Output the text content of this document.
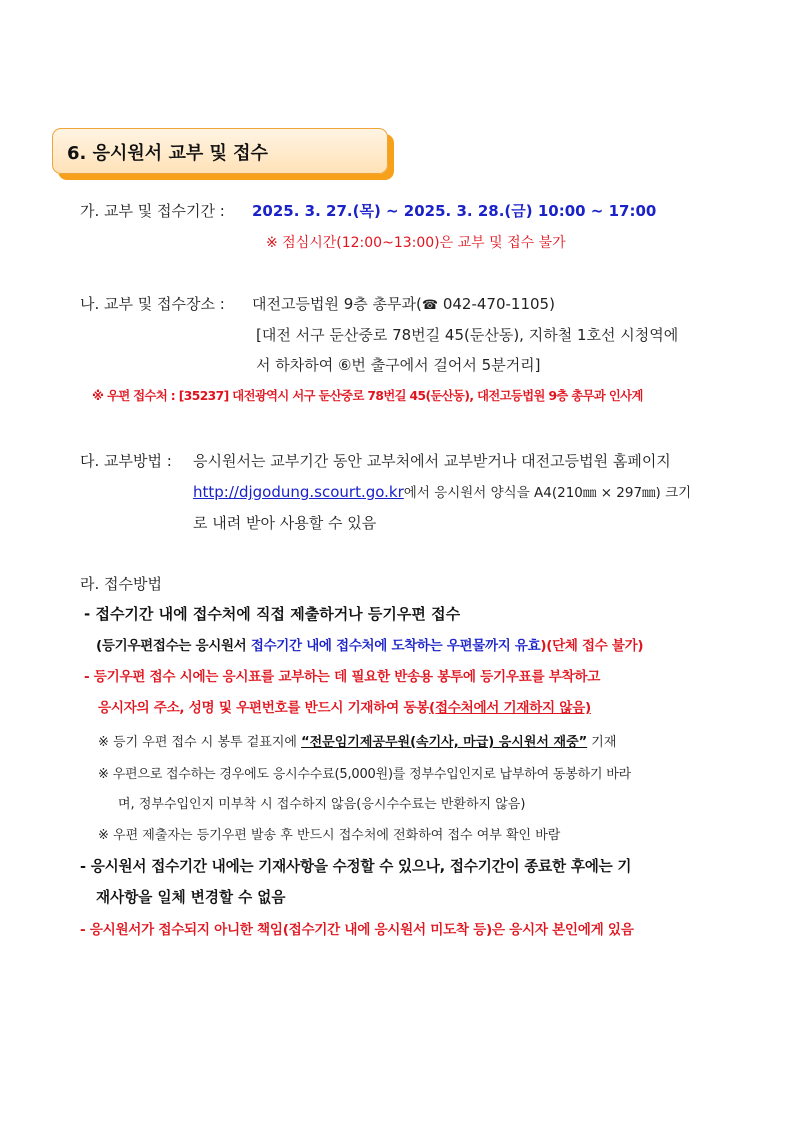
6. 응시원서 교부 및 접수
가. 교부 및 접수기간 : 2025. 3. 27.(목) ~ 2025. 3. 28.(금) 10:00 ~ 17:00
※ 점심시간(12:00~13:00)은 교부 및 접수 불가
나. 교부 및 접수장소 : 대전고등법원 9층 총무과(☎ 042-470-1105)
[대전 서구 둔산중로 78번길 45(둔산동), 지하철 1호선 시청역에
서 하차하여 ⑥번 출구에서 걸어서 5분거리]
※ 우편 접수처 : [35237] 대전광역시 서구 둔산중로 78번길 45(둔산동), 대전고등법원 9층 총무과 인사계
다. 교부방법 : 응시원서는 교부기간 동안 교부처에서 교부받거나 대전고등법원 홈페이지
http://djgodung.scourt.go.kr에서 응시원서 양식을 A4(210㎜ × 297㎜) 크기
로 내려 받아 사용할 수 있음
라. 접수방법
- 접수기간 내에 접수처에 직접 제출하거나 등기우편 접수
(등기우편접수는 응시원서 접수기간 내에 접수처에 도착하는 우편물까지 유효)(단체 접수 불가)
- 등기우편 접수 시에는 응시표를 교부하는 데 필요한 반송용 봉투에 등기우표를 부착하고
응시자의 주소, 성명 및 우편번호를 반드시 기재하여 동봉(접수처에서 기재하지 않음)
※ 등기 우편 접수 시 봉투 겉표지에 “전문임기제공무원(속기사, 마급) 응시원서 재중” 기재
※ 우편으로 접수하는 경우에도 응시수수료(5,000원)를 정부수입인지로 납부하여 동봉하기 바라
며, 정부수입인지 미부착 시 접수하지 않음(응시수수료는 반환하지 않음)
※ 우편 제출자는 등기우편 발송 후 반드시 접수처에 전화하여 접수 여부 확인 바람
- 응시원서 접수기간 내에는 기재사항을 수정할 수 있으나, 접수기간이 종료한 후에는 기
재사항을 일체 변경할 수 없음
- 응시원서가 접수되지 아니한 책임(접수기간 내에 응시원서 미도착 등)은 응시자 본인에게 있음
